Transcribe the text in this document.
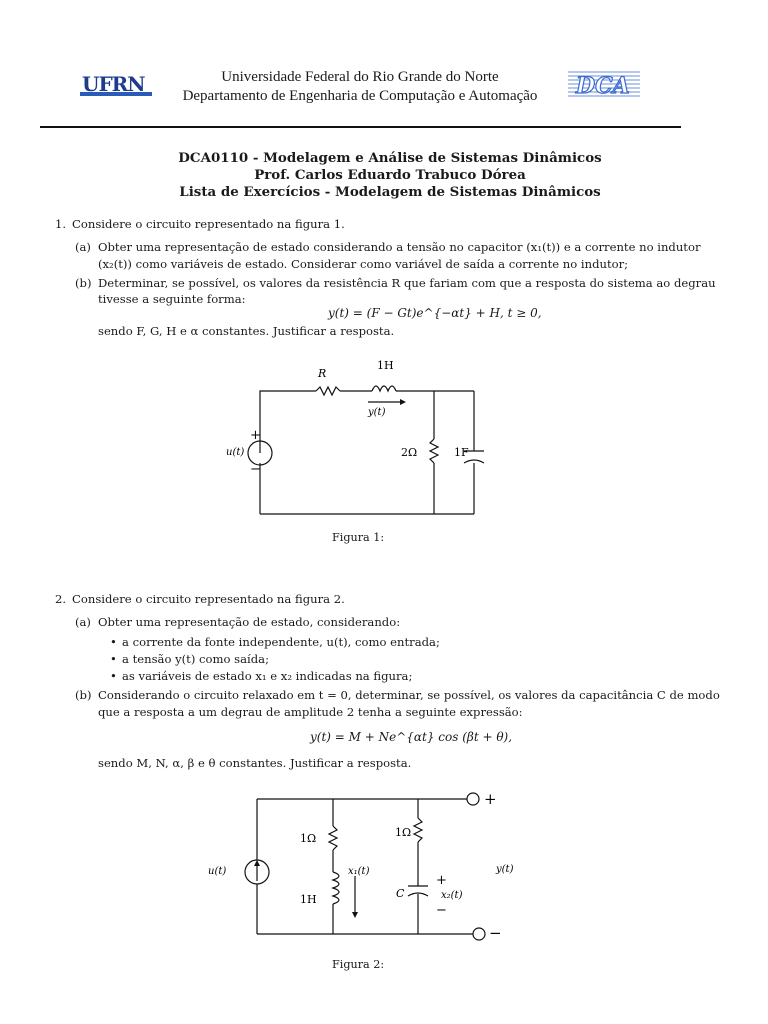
UFRN	Universidade Federal do Rio Grande do Norte
Departamento de Engenharia de Computação e Automação	DCA
DCA0110 - Modelagem e Análise de Sistemas Dinâmicos
Prof. Carlos Eduardo Trabuco Dórea
Lista de Exercícios - Modelagem de Sistemas Dinâmicos
1. Considere o circuito representado na figura 1.
(a) Obter uma representação de estado considerando a tensão no capacitor (x₁(t)) e a corrente no indutor
(x₂(t)) como variáveis de estado. Considerar como variável de saída a corrente no indutor;
(b) Determinar, se possível, os valores da resistência R que fariam com que a resposta do sistema ao degrau
tivesse a seguinte forma:
y(t) = (F − Gt)e^{−αt} + H, t ≥ 0,
sendo F, G, H e α constantes. Justificar a resposta.
R
1H
y(t)
u(t)
+
−
2Ω	1F
Figura 1:
2. Considere o circuito representado na figura 2.
(a) Obter uma representação de estado, considerando:
• a corrente da fonte independente, u(t), como entrada;
• a tensão y(t) como saída;
• as variáveis de estado x₁ e x₂ indicadas na figura;
(b) Considerando o circuito relaxado em t = 0, determinar, se possível, os valores da capacitância C de modo
que a resposta a um degrau de amplitude 2 tenha a seguinte expressão:
y(t) = M + Ne^{αt} cos (βt + θ),
sendo M, N, α, β e θ constantes. Justificar a resposta.
1Ω	1Ω
1H
x₁(t)
C	x₂(t)
+
−
+
−
y(t)
u(t)
Figura 2:
